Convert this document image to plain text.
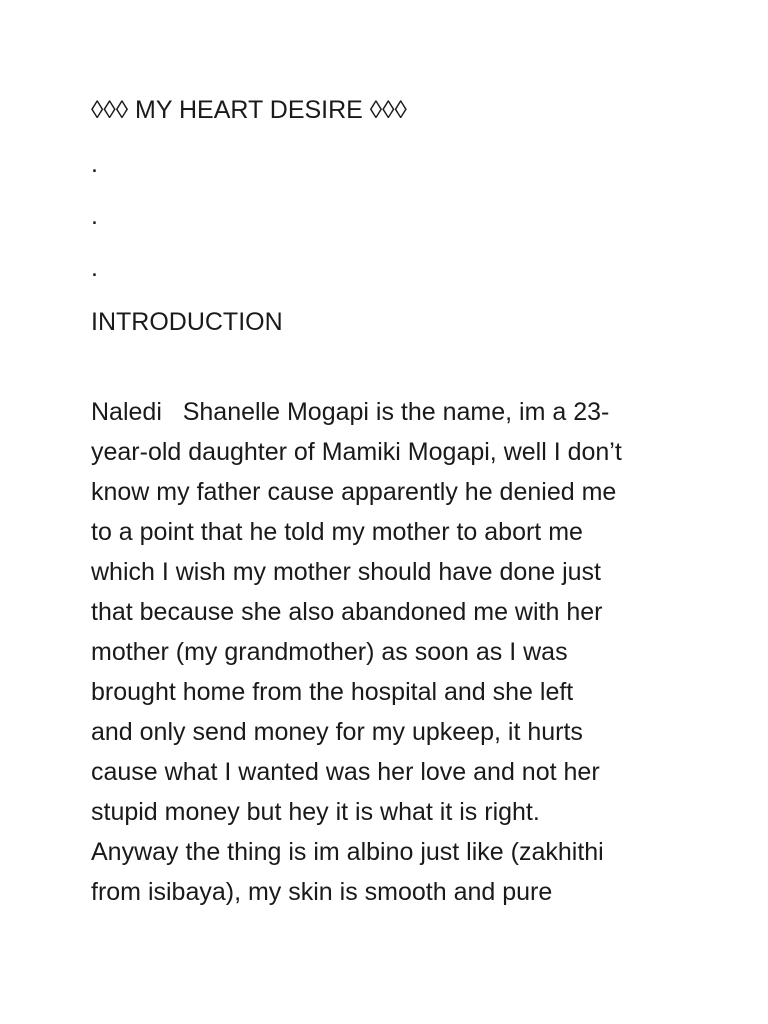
◊◊◊ MY HEART DESIRE ◊◊◊
.
.
.
INTRODUCTION
Naledi   Shanelle Mogapi is the name, im a 23-
year-old daughter of Mamiki Mogapi, well I don’t
know my father cause apparently he denied me
to a point that he told my mother to abort me
which I wish my mother should have done just
that because she also abandoned me with her
mother (my grandmother) as soon as I was
brought home from the hospital and she left
and only send money for my upkeep, it hurts
cause what I wanted was her love and not her
stupid money but hey it is what it is right.
Anyway the thing is im albino just like (zakhithi
from isibaya), my skin is smooth and pure
